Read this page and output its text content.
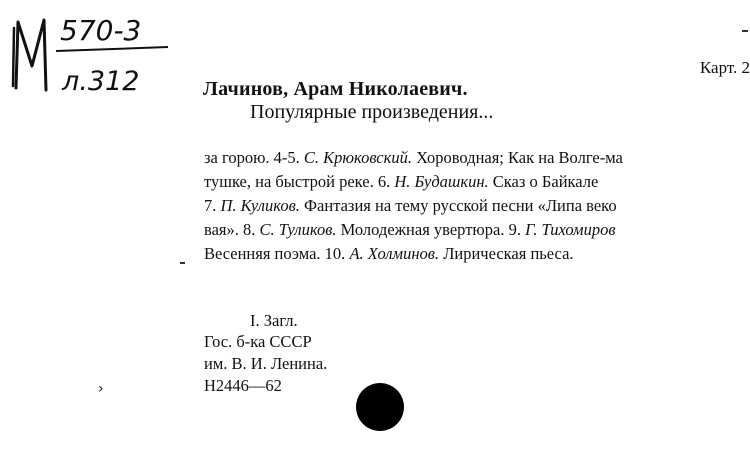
570-3
л.312	Карт. 2
Лачинов, Арам Николаевич.
Популярные произведения...
за горою. 4-5. С. Крюковский. Хороводная; Как на Волге-ма
тушке, на быстрой реке. 6. Н. Будашкин. Сказ о Байкале
7. П. Куликов. Фантазия на тему русской песни «Липа веко
вая». 8. С. Туликов. Молодежная увертюра. 9. Г. Тихомиров
Весенняя поэма. 10. А. Холминов. Лирическая пьеса.
I. Загл.
Гос. б-ка СССР
им. В. И. Ленина.
Н2446—62
›
